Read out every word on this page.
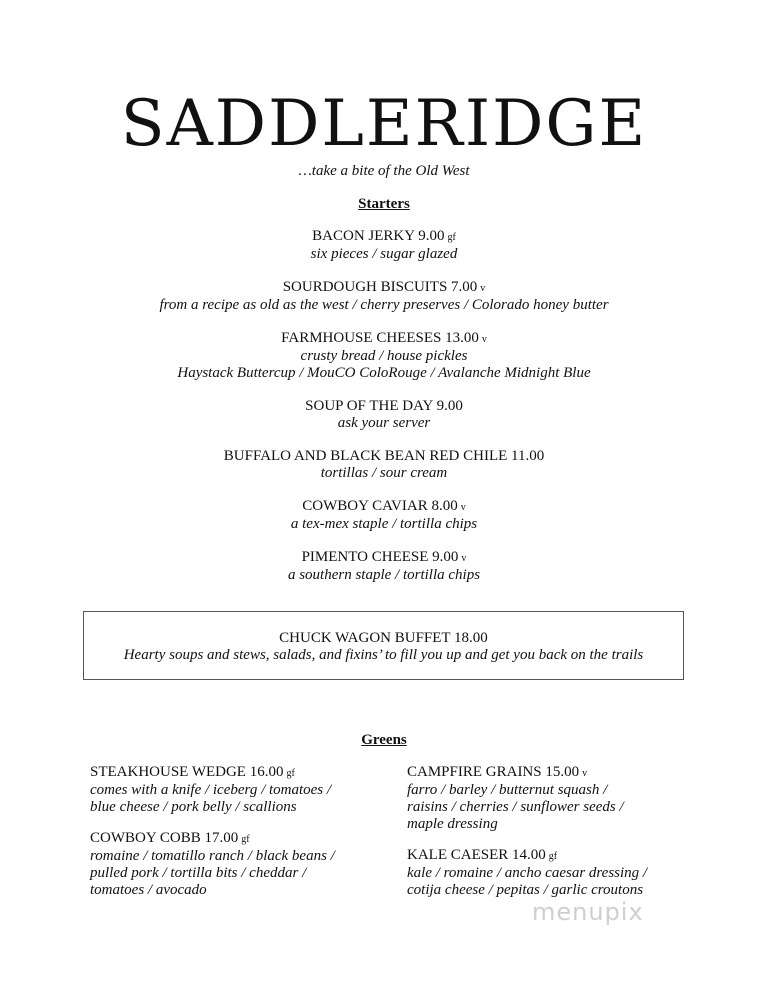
SADDLERIDGE
…take a bite of the Old West
Starters
BACON JERKY 9.00 gf
six pieces / sugar glazed
SOURDOUGH BISCUITS 7.00 v
from a recipe as old as the west / cherry preserves / Colorado honey butter
FARMHOUSE CHEESES 13.00 v
crusty bread / house pickles
Haystack Buttercup / MouCO ColoRouge / Avalanche Midnight Blue
SOUP OF THE DAY 9.00
ask your server
BUFFALO AND BLACK BEAN RED CHILE 11.00
tortillas / sour cream
COWBOY CAVIAR 8.00 v
a tex-mex staple / tortilla chips
PIMENTO CHEESE 9.00 v
a southern staple / tortilla chips
CHUCK WAGON BUFFET 18.00
Hearty soups and stews, salads, and fixins’ to fill you up and get you back on the trails
Greens
STEAKHOUSE WEDGE 16.00 gf
comes with a knife / iceberg / tomatoes /
blue cheese / pork belly / scallions
COWBOY COBB 17.00 gf
romaine / tomatillo ranch / black beans /
pulled pork / tortilla bits / cheddar /
tomatoes / avocado
CAMPFIRE GRAINS 15.00 v
farro / barley / butternut squash /
raisins / cherries / sunflower seeds /
maple dressing
KALE CAESER 14.00 gf
kale / romaine / ancho caesar dressing /
cotija cheese / pepitas / garlic croutons
menupix
